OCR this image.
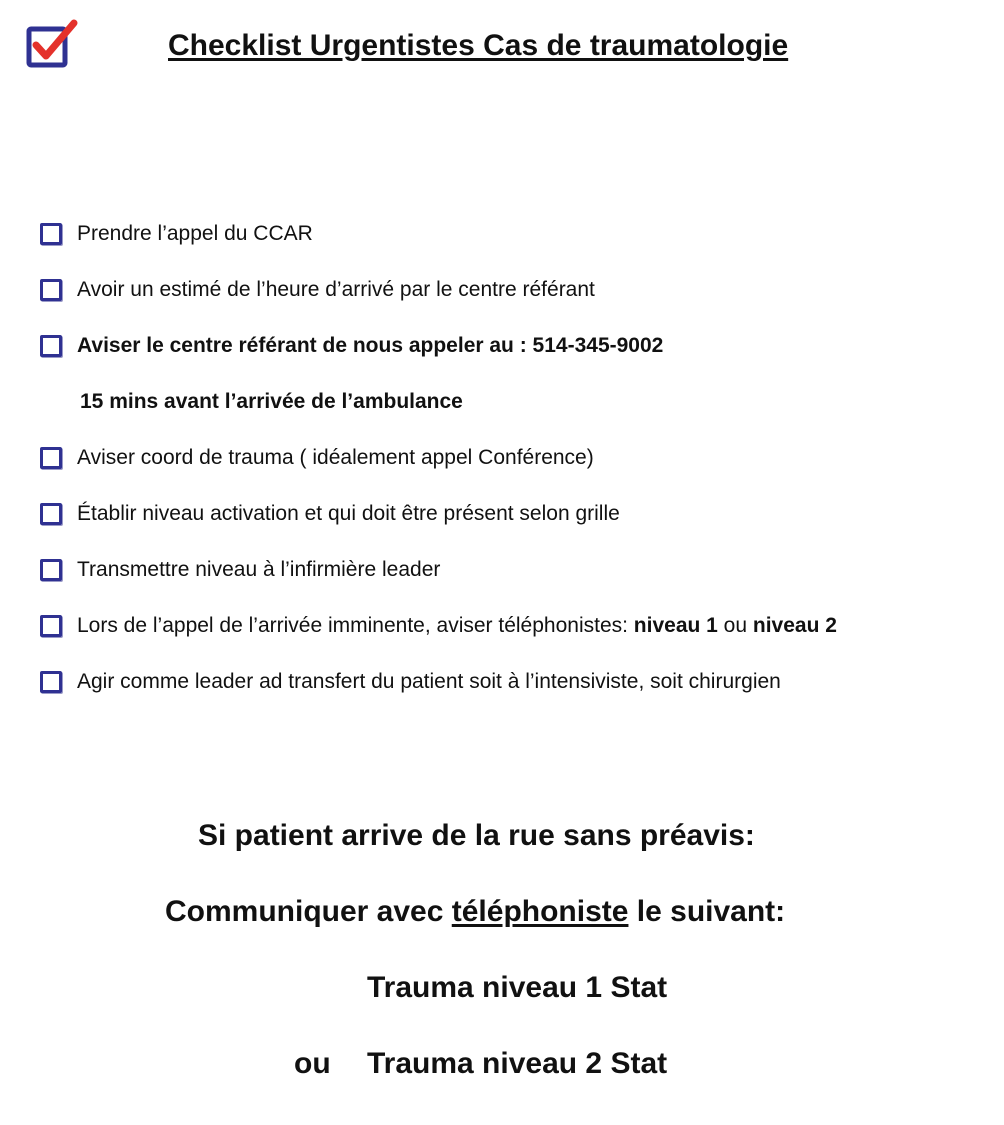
Checklist Urgentistes Cas de traumatologie
Prendre l’appel du CCAR
Avoir un estimé de l’heure d’arrivé par le centre référant
Aviser le centre référant de nous appeler au : 514-345-9002
15 mins avant l’arrivée de l’ambulance
Aviser coord de trauma ( idéalement appel Conférence)
Établir niveau activation et qui doit être présent selon grille
Transmettre niveau à l’infirmière leader
Lors de l’appel de l’arrivée imminente, aviser téléphonistes: niveau 1 ou niveau 2
Agir comme leader ad transfert du patient soit à l’intensiviste, soit chirurgien
Si patient arrive de la rue sans préavis:
Communiquer avec téléphoniste le suivant:
Trauma niveau 1 Stat
ou Trauma niveau 2 Stat
